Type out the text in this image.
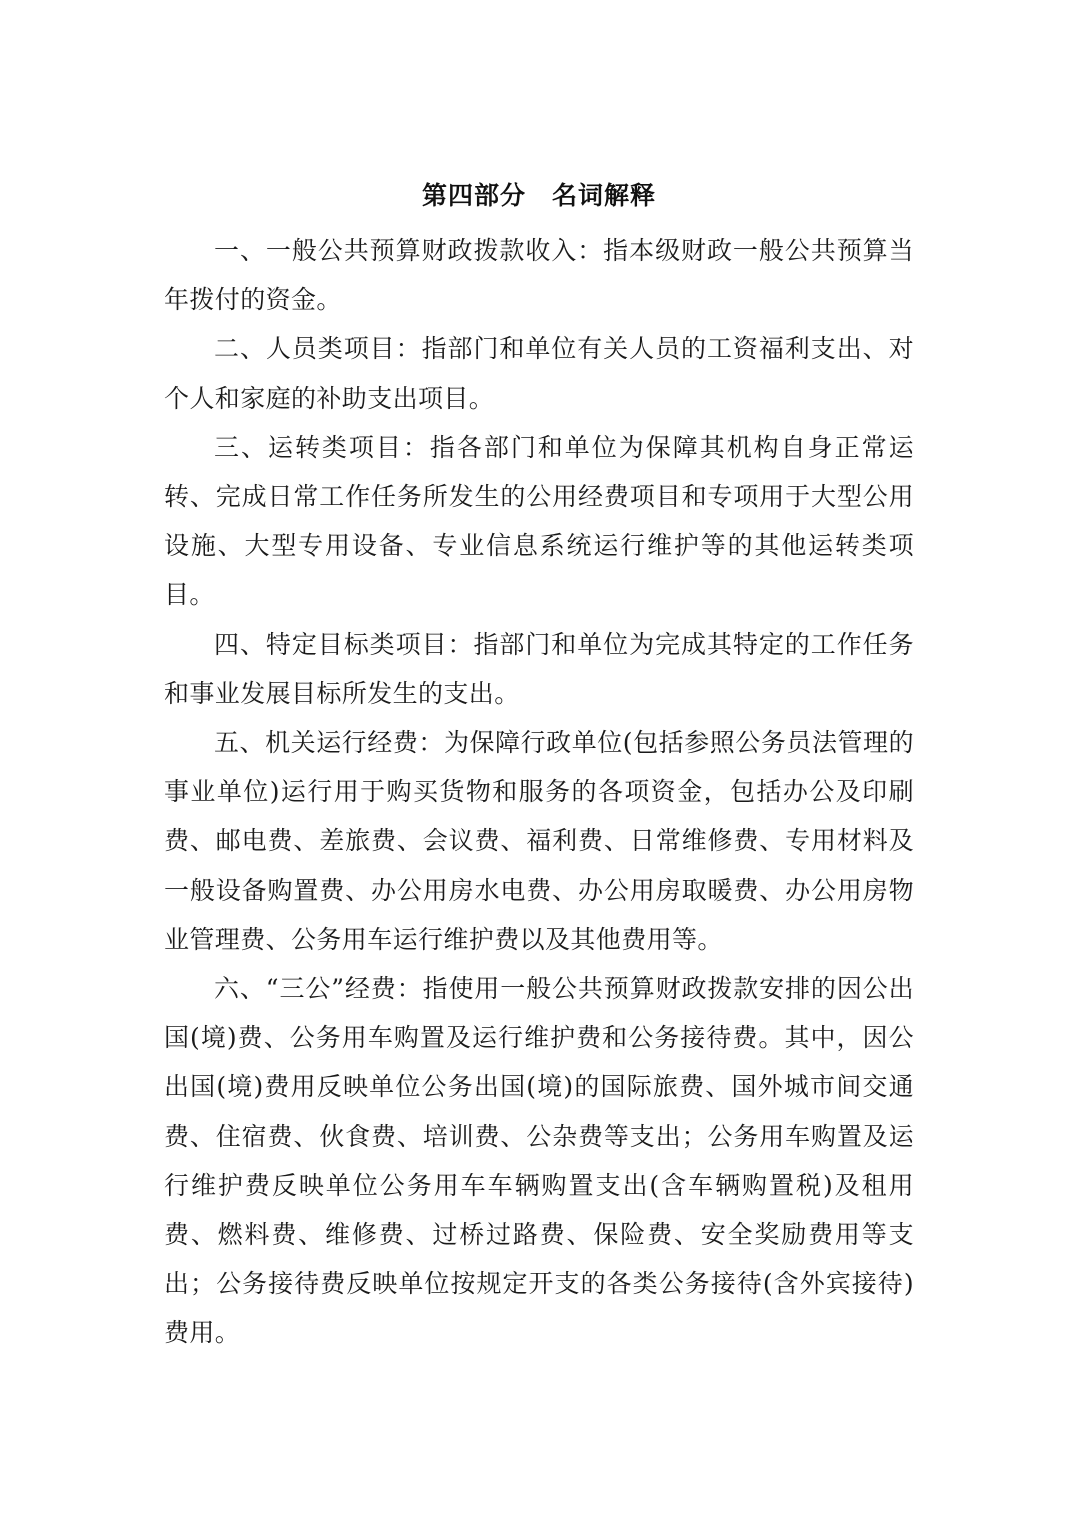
第四部分　名词解释

一、一般公共预算财政拨款收入：指本级财政一般公共预算当年拨付的资金。

二、人员类项目：指部门和单位有关人员的工资福利支出、对个人和家庭的补助支出项目。

三、运转类项目：指各部门和单位为保障其机构自身正常运转、完成日常工作任务所发生的公用经费项目和专项用于大型公用设施、大型专用设备、专业信息系统运行维护等的其他运转类项目。

四、特定目标类项目：指部门和单位为完成其特定的工作任务和事业发展目标所发生的支出。

五、机关运行经费：为保障行政单位(包括参照公务员法管理的事业单位)运行用于购买货物和服务的各项资金，包括办公及印刷费、邮电费、差旅费、会议费、福利费、日常维修费、专用材料及一般设备购置费、办公用房水电费、办公用房取暖费、办公用房物业管理费、公务用车运行维护费以及其他费用等。

六、“三公”经费：指使用一般公共预算财政拨款安排的因公出国(境)费、公务用车购置及运行维护费和公务接待费。其中，因公出国(境)费用反映单位公务出国(境)的国际旅费、国外城市间交通费、住宿费、伙食费、培训费、公杂费等支出；公务用车购置及运行维护费反映单位公务用车车辆购置支出(含车辆购置税)及租用费、燃料费、维修费、过桥过路费、保险费、安全奖励费用等支出；公务接待费反映单位按规定开支的各类公务接待(含外宾接待)费用。
